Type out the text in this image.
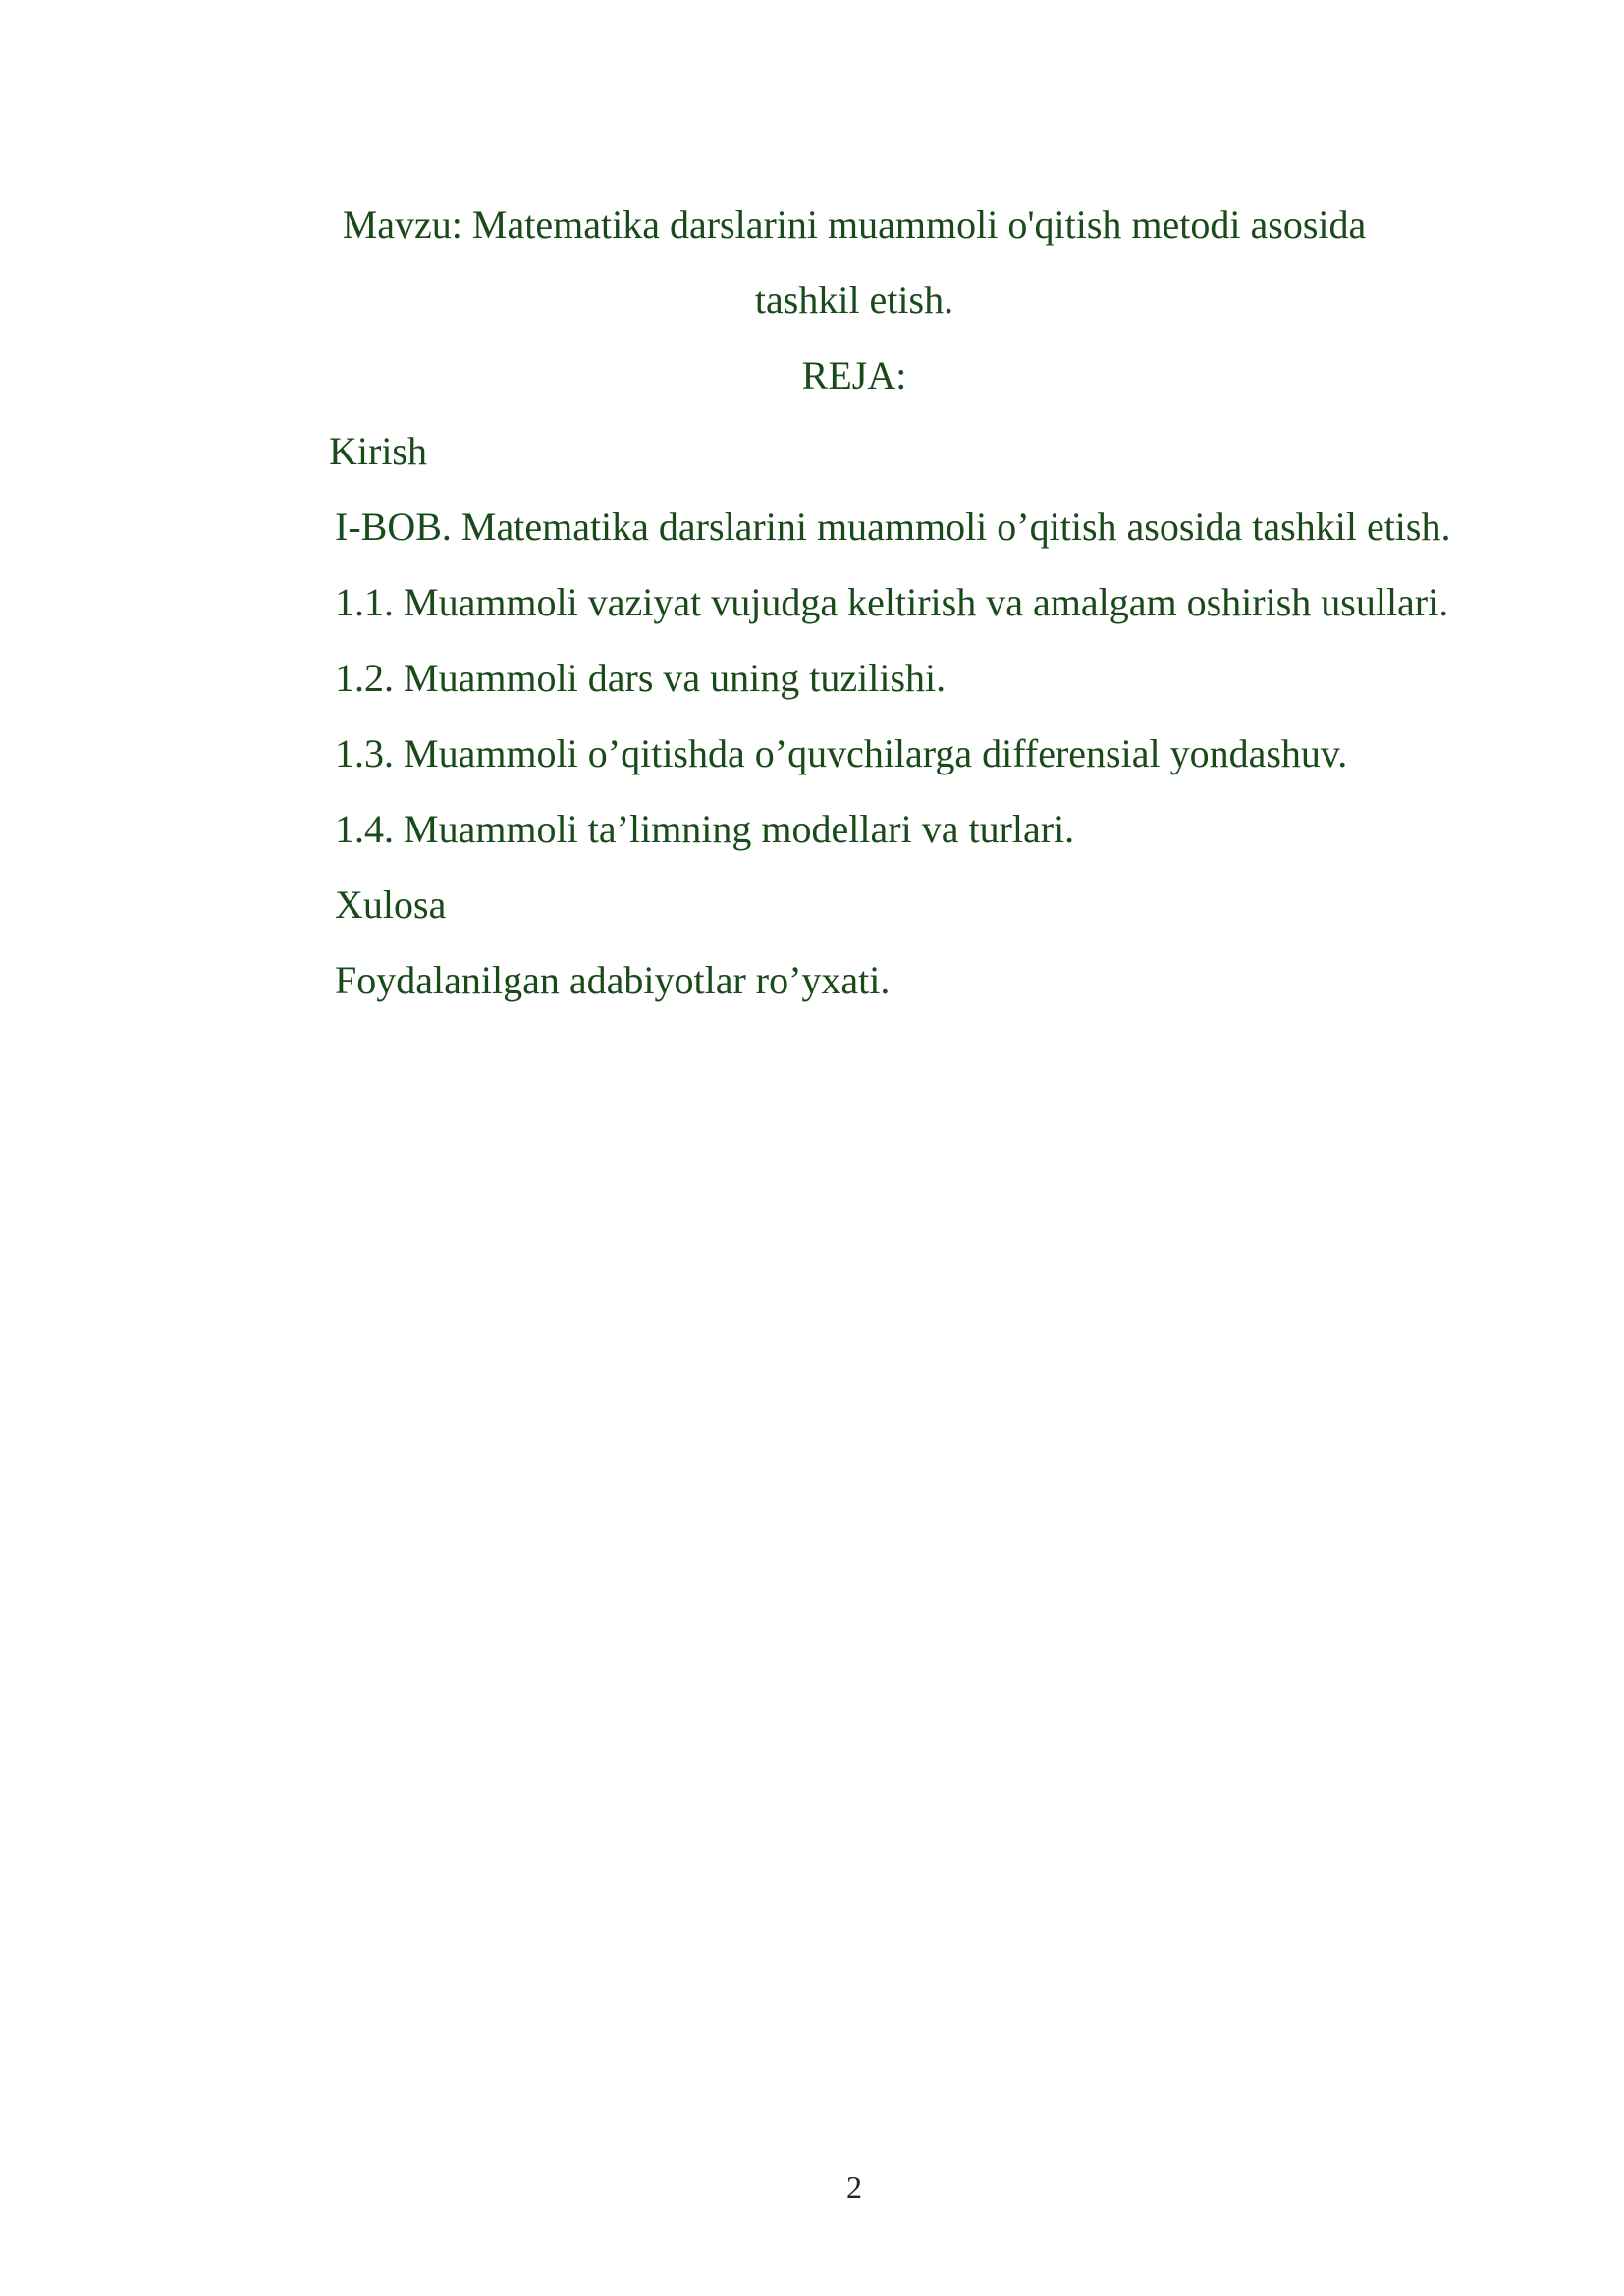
Mavzu: Matematika darslarini muammoli o'qitish metodi asosida
tashkil etish.
REJA:

Kirish

I-BOB. Matematika darslarini muammoli o’qitish asosida tashkil etish.

1.1. Muammoli vaziyat vujudga keltirish va amalgam oshirish usullari.

1.2. Muammoli dars va uning tuzilishi.

1.3. Muammoli o’qitishda o’quvchilarga differensial yondashuv.

1.4. Muammoli ta’limning modellari va turlari.

Xulosa

Foydalanilgan adabiyotlar ro’yxati.

2
